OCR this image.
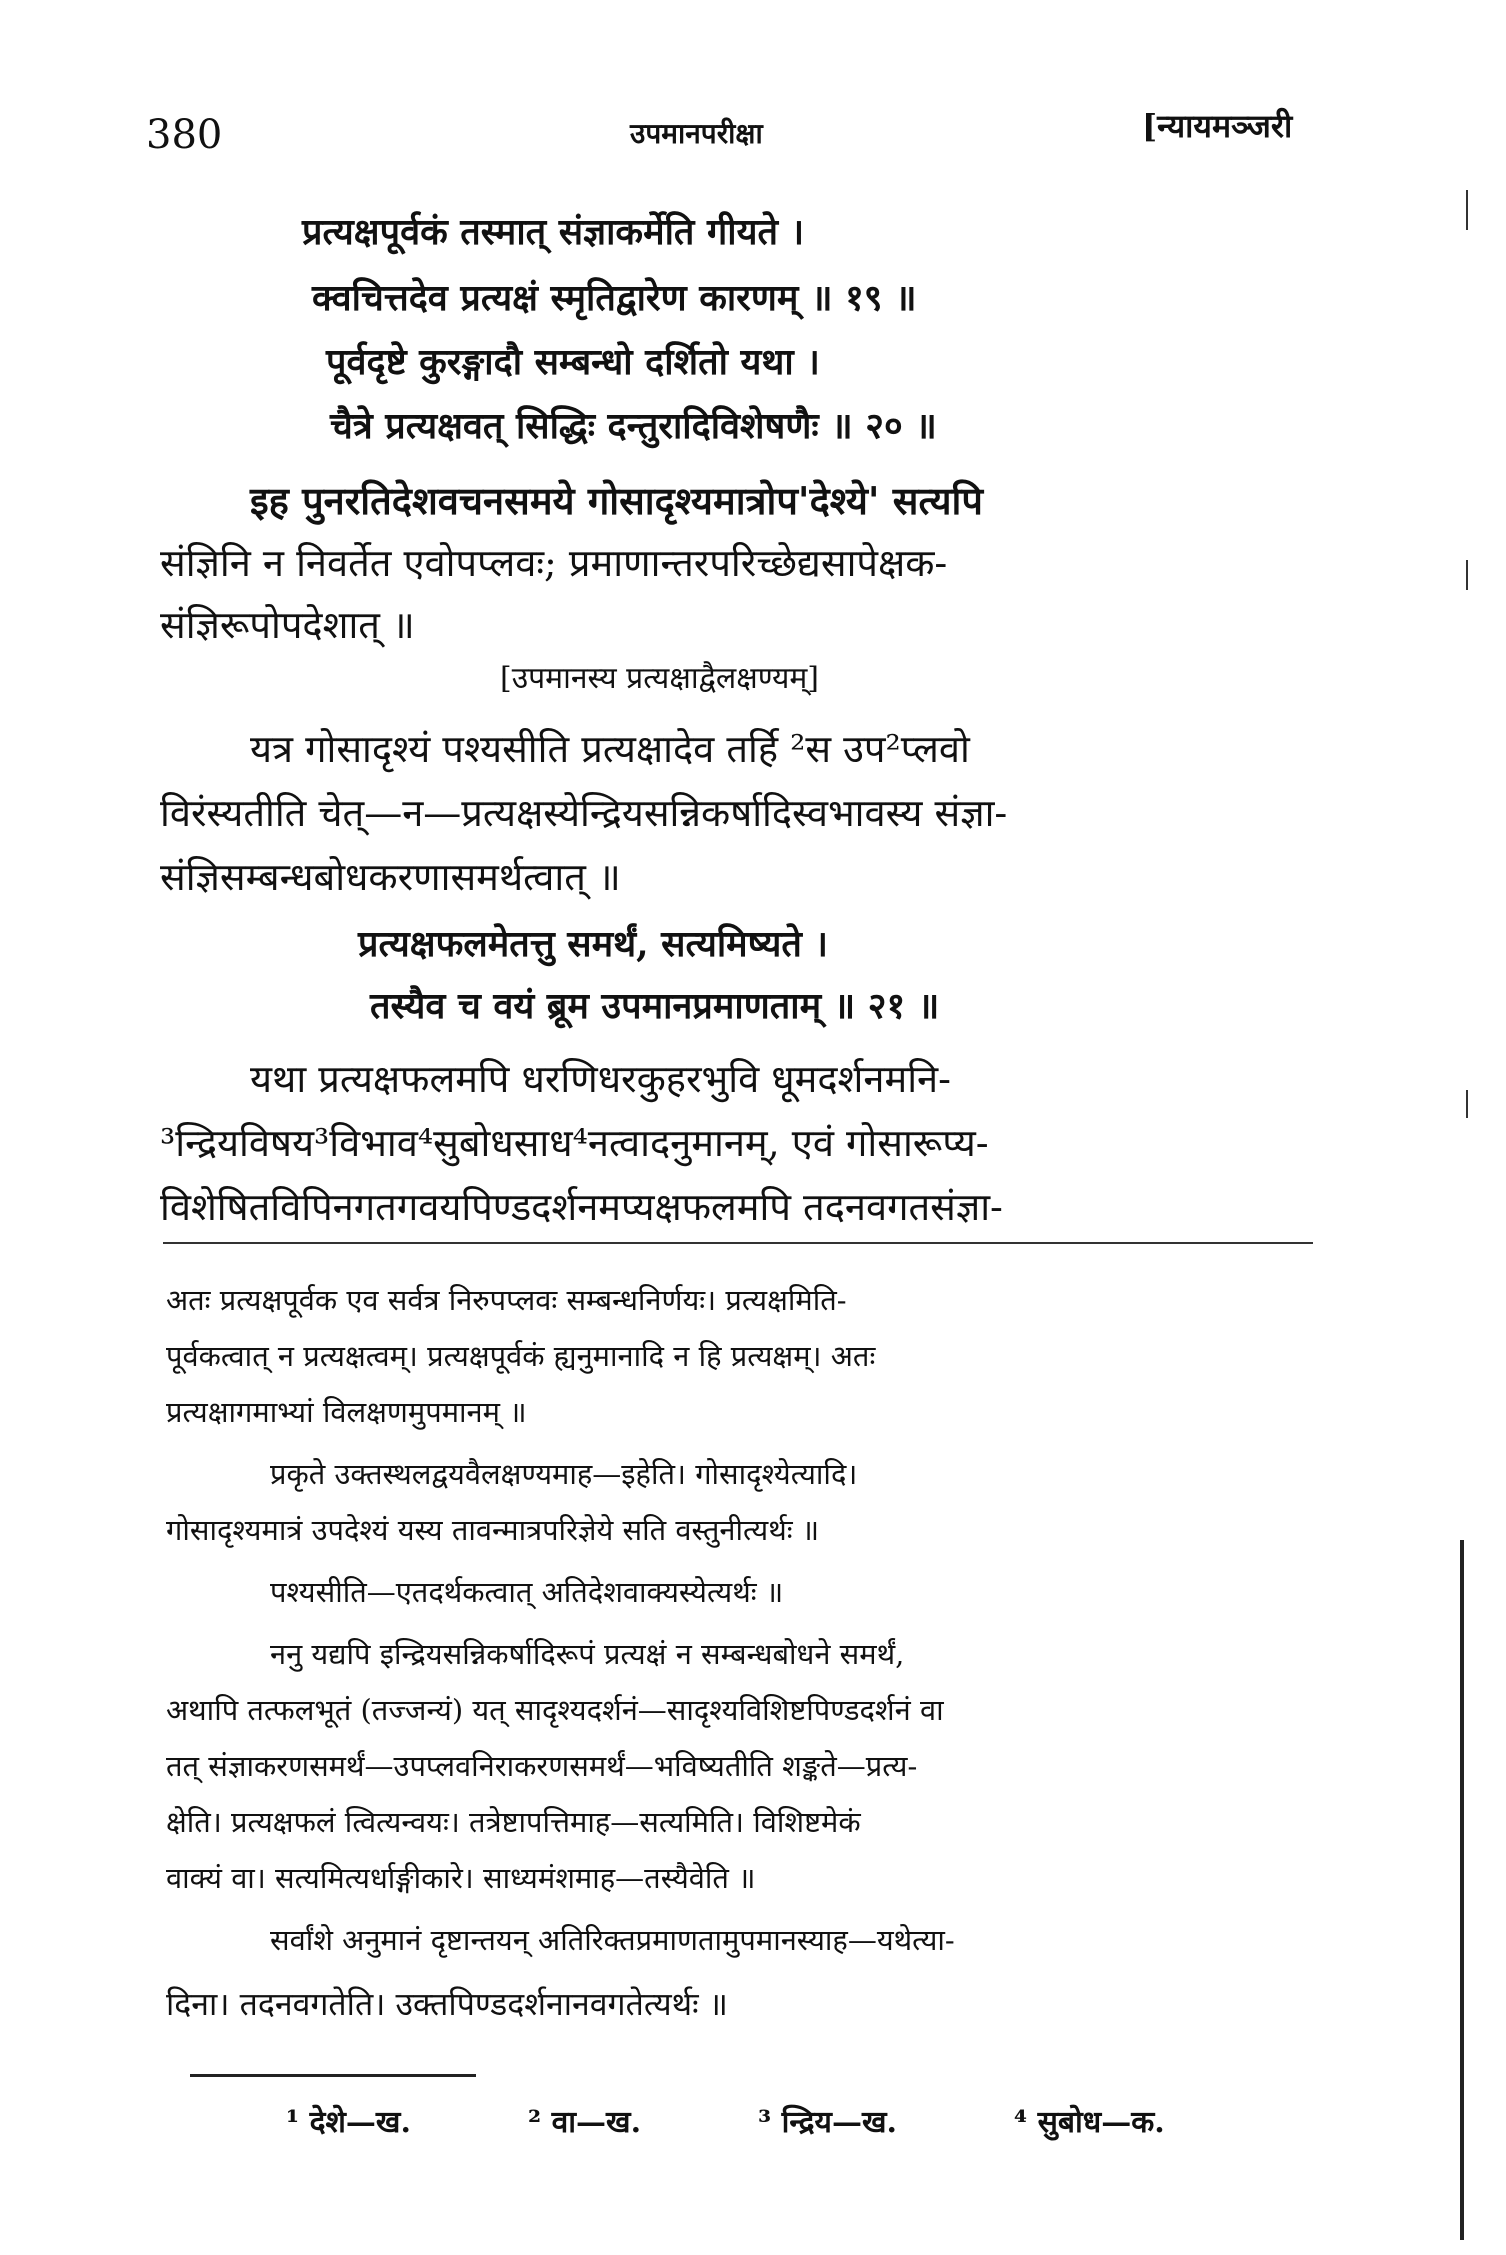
380	उपमानपरीक्षा	[न्यायमञ्जरी
प्रत्यक्षपूर्वकं तस्मात् संज्ञाकर्मेति गीयते ।
क्वचित्तदेव प्रत्यक्षं स्मृतिद्वारेण कारणम् ॥ १९ ॥
पूर्वदृष्टे कुरङ्गादौ सम्बन्धो दर्शितो यथा ।
चैत्रे प्रत्यक्षवत् सिद्धिः दन्तुरादिविशेषणैः ॥ २० ॥
इह पुनरतिदेशवचनसमये गोसादृश्यमात्रोप'देश्ये' सत्यपि
संज्ञिनि न निवर्तेत एवोपप्लवः; प्रमाणान्तरपरिच्छेद्यसापेक्षक-
संज्ञिरूपोपदेशात् ॥
[उपमानस्य प्रत्यक्षाद्वैलक्षण्यम्]
यत्र गोसादृश्यं पश्यसीति प्रत्यक्षादेव तर्हि ²स उप²प्लवो
विरंस्यतीति चेत्—न—प्रत्यक्षस्येन्द्रियसन्निकर्षादिस्वभावस्य संज्ञा-
संज्ञिसम्बन्धबोधकरणासमर्थत्वात् ॥
प्रत्यक्षफलमेतत्तु समर्थं, सत्यमिष्यते ।
तस्यैव च वयं ब्रूम उपमानप्रमाणताम् ॥ २१ ॥
यथा प्रत्यक्षफलमपि धरणिधरकुहरभुवि धूमदर्शनमनि-
³न्द्रियविषय³विभाव⁴सुबोधसाध⁴नत्वादनुमानम्, एवं गोसारूप्य-
विशेषितविपिनगतगवयपिण्डदर्शनमप्यक्षफलमपि तदनवगतसंज्ञा-
अतः प्रत्यक्षपूर्वक एव सर्वत्र निरुपप्लवः सम्बन्धनिर्णयः। प्रत्यक्षमिति-
पूर्वकत्वात् न प्रत्यक्षत्वम्। प्रत्यक्षपूर्वकं ह्यनुमानादि न हि प्रत्यक्षम्। अतः
प्रत्यक्षागमाभ्यां विलक्षणमुपमानम् ॥
प्रकृते उक्तस्थलद्वयवैलक्षण्यमाह—इहेति। गोसादृश्येत्यादि।
गोसादृश्यमात्रं उपदेश्यं यस्य तावन्मात्रपरिज्ञेये सति वस्तुनीत्यर्थः ॥
पश्यसीति—एतदर्थकत्वात् अतिदेशवाक्यस्येत्यर्थः ॥
ननु यद्यपि इन्द्रियसन्निकर्षादिरूपं प्रत्यक्षं न सम्बन्धबोधने समर्थं,
अथापि तत्फलभूतं (तज्जन्यं) यत् सादृश्यदर्शनं—सादृश्यविशिष्टपिण्डदर्शनं वा
तत् संज्ञाकरणसमर्थं—उपप्लवनिराकरणसमर्थं—भविष्यतीति शङ्कते—प्रत्य-
क्षेति। प्रत्यक्षफलं त्वित्यन्वयः। तत्रेष्टापत्तिमाह—सत्यमिति। विशिष्टमेकं
वाक्यं वा। सत्यमित्यर्धाङ्गीकारे। साध्यमंशमाह—तस्यैवेति ॥
सर्वांशे अनुमानं दृष्टान्तयन् अतिरिक्तप्रमाणतामुपमानस्याह—यथेत्या-
दिना। तदनवगतेति। उक्तपिण्डदर्शनानवगतेत्यर्थः ॥
¹ देशे—ख.	² वा—ख.	³ न्द्रिय—ख.	⁴ सुबोध—क.
